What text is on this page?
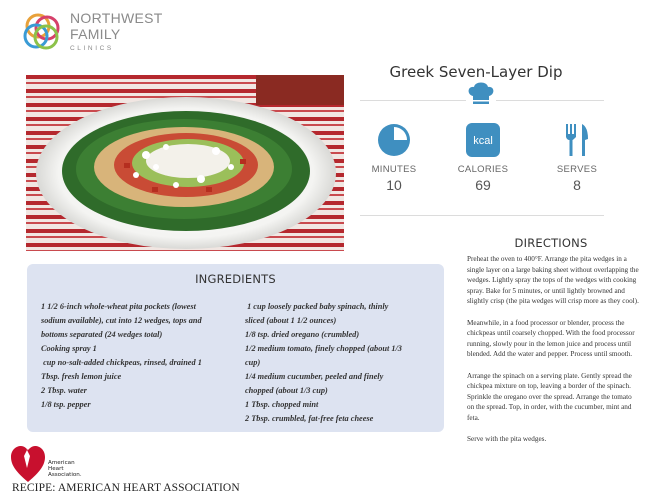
NORTHWEST
FAMILY
CLINICS
Greek Seven-Layer Dip
MINUTES
10
kcal
CALORIES
69
SERVES
8
DIRECTIONS

Preheat the oven to 400°F. Arrange the pita wedges in a single layer on a large baking sheet without overlapping the wedges. Lightly spray the tops of the wedges with cooking spray. Bake for 5 minutes, or until lightly browned and slightly crisp (the pita wedges will crisp more as they cool).

Meanwhile, in a food processor or blender, process the chickpeas until coarsely chopped. With the food processor running, slowly pour in the lemon juice and process until blended. Add the water and pepper. Process until smooth.

Arrange the spinach on a serving plate. Gently spread the chickpea mixture on top, leaving a border of the spinach. Sprinkle the oregano over the spread. Arrange the tomato on the spread. Top, in order, with the cucumber, mint and feta.

Serve with the pita wedges.

INGREDIENTS
1 1/2 6-inch whole-wheat pita pockets (lowest
sodium available), cut into 12 wedges, tops and
bottoms separated (24 wedges total)
Cooking spray 1
cup no-salt-added chickpeas, rinsed, drained 1
Tbsp. fresh lemon juice
2 Tbsp. water
1/8 tsp. pepper
1 cup loosely packed baby spinach, thinly
sliced (about 1 1/2 ounces)
1/8 tsp. dried oregano (crumbled)
1/2 medium tomato, finely chopped (about 1/3
cup)
1/4 medium cucumber, peeled and finely
chopped (about 1/3 cup)
1 Tbsp. chopped mint
2 Tbsp. crumbled, fat-free feta cheese
American
Heart
Association.
RECIPE: AMERICAN HEART ASSOCIATION
